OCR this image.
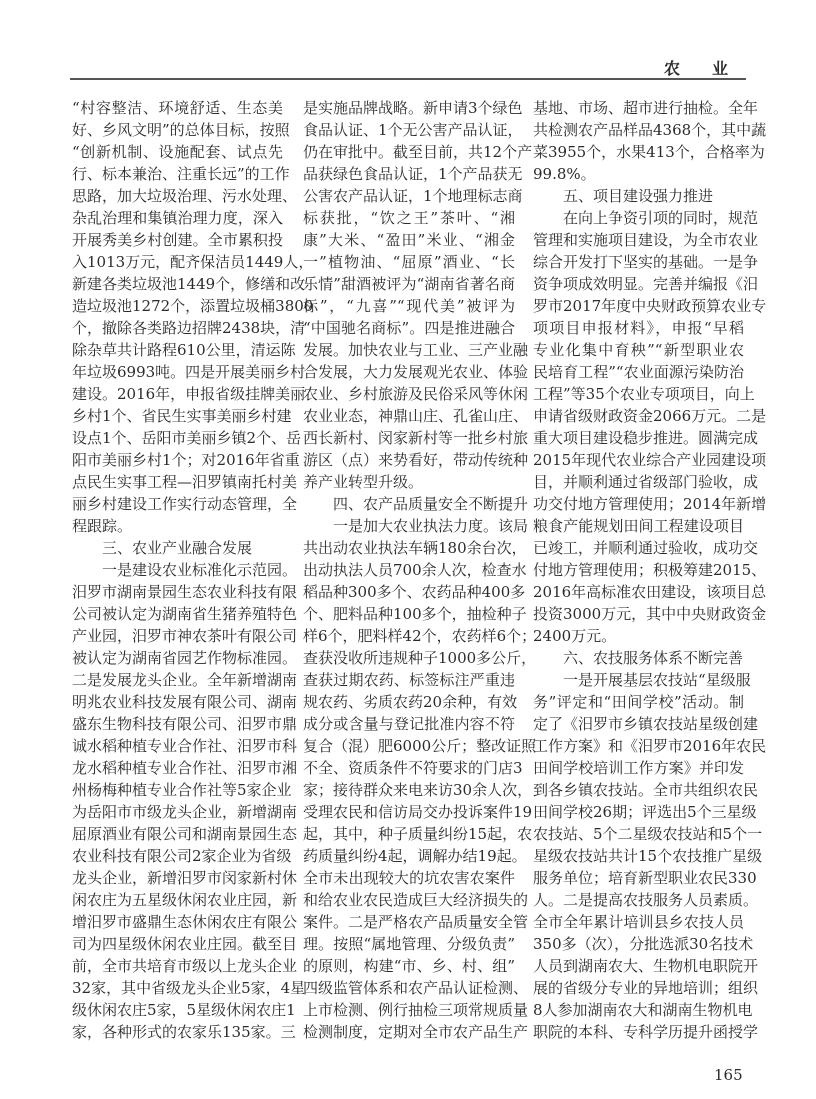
农 业
“村容整洁、环境舒适、生态美
好、乡风文明”的总体目标，按照
“创新机制、设施配套、试点先
行、标本兼治、注重长远”的工作
思路，加大垃圾治理、污水处理、
杂乱治理和集镇治理力度，深入
开展秀美乡村创建。全市累积投
入1013万元，配齐保洁员1449人，
新建各类垃圾池1449个，修缮和改
造垃圾池1272个，添置垃圾桶3800
个，撤除各类路边招牌2438块，清
除杂草共计路程610公里，清运陈
年垃圾6993吨。四是开展美丽乡村
建设。2016年，申报省级挂牌美丽
乡村1个、省民生实事美丽乡村建
设点1个、岳阳市美丽乡镇2个、岳
阳市美丽乡村1个；对2016年省重
点民生实事工程—汨罗镇南托村美
丽乡村建设工作实行动态管理，全
程跟踪。
三、农业产业融合发展
一是建设农业标准化示范园。
汨罗市湖南景园生态农业科技有限
公司被认定为湖南省生猪养殖特色
产业园，汨罗市神农茶叶有限公司
被认定为湖南省园艺作物标准园。
二是发展龙头企业。全年新增湖南
明兆农业科技发展有限公司、湖南
盛东生物科技有限公司、汨罗市鼎
诚水稻种植专业合作社、汨罗市科
龙水稻种植专业合作社、汨罗市湘
州杨梅种植专业合作社等5家企业
为岳阳市市级龙头企业，新增湖南
屈原酒业有限公司和湖南景园生态
农业科技有限公司2家企业为省级
龙头企业，新增汨罗市闵家新村休
闲农庄为五星级休闲农业庄园，新
增汨罗市盛鼎生态休闲农庄有限公
司为四星级休闲农业庄园。截至目
前，全市共培育市级以上龙头企业
32家，其中省级龙头企业5家，4星
级休闲农庄5家，5星级休闲农庄1
家，各种形式的农家乐135家。三
是实施品牌战略。新申请3个绿色
食品认证、1个无公害产品认证，
仍在审批中。截至目前，共12个产
品获绿色食品认证，1个产品获无
公害农产品认证，1个地理标志商
标获批，“饮之王”茶叶、“湘
康”大米、“盈田”米业、“湘金
一”植物油、“屈原”酒业、“长
乐情”甜酒被评为“湖南省著名商
标”，“九喜”“现代美”被评为
“中国驰名商标”。四是推进融合
发展。加快农业与工业、三产业融
合发展，大力发展观光农业、体验
农业、乡村旅游及民俗采风等休闲
农业业态，神鼎山庄、孔雀山庄、
西长新村、闵家新村等一批乡村旅
游区（点）来势看好，带动传统种
养产业转型升级。
四、农产品质量安全不断提升
一是加大农业执法力度。该局
共出动农业执法车辆180余台次，
出动执法人员700余人次，检查水
稻品种300多个、农药品种400多
个、肥料品种100多个，抽检种子
样6个，肥料样42个，农药样6个；
查获没收所违规种子1000多公斤，
查获过期农药、标签标注严重违
规农药、劣质农药20余种，有效
成分或含量与登记批准内容不符
复合（混）肥6000公斤；整改证照
不全、资质条件不符要求的门店3
家；接待群众来电来访30余人次，
受理农民和信访局交办投诉案件19
起，其中，种子质量纠纷15起，农
药质量纠纷4起，调解办结19起。
全市未出现较大的坑农害农案件
和给农业农民造成巨大经济损失的
案件。二是严格农产品质量安全管
理。按照“属地管理、分级负责”
的原则，构建“市、乡、村、组”
四级监管体系和农产品认证检测、
上市检测、例行抽检三项常规质量
检测制度，定期对全市农产品生产
基地、市场、超市进行抽检。全年
共检测农产品样品4368个，其中蔬
菜3955个，水果413个，合格率为
99.8%。
五、项目建设强力推进
在向上争资引项的同时，规范
管理和实施项目建设，为全市农业
综合开发打下坚实的基础。一是争
资争项成效明显。完善并编报《汨
罗市2017年度中央财政预算农业专
项项目申报材料》，申报“早稻
专业化集中育秧”“新型职业农
民培育工程”“农业面源污染防治
工程”等35个农业专项项目，向上
申请省级财政资金2066万元。二是
重大项目建设稳步推进。圆满完成
2015年现代农业综合产业园建设项
目，并顺利通过省级部门验收，成
功交付地方管理使用；2014年新增
粮食产能规划田间工程建设项目
已竣工，并顺利通过验收，成功交
付地方管理使用；积极筹建2015、
2016年高标准农田建设，该项目总
投资3000万元，其中中央财政资金
2400万元。
六、农技服务体系不断完善
一是开展基层农技站“星级服
务”评定和“田间学校”活动。制
定了《汨罗市乡镇农技站星级创建
工作方案》和《汨罗市2016年农民
田间学校培训工作方案》并印发
到各乡镇农技站。全市共组织农民
田间学校26期；评选出5个三星级
农技站、5个二星级农技站和5个一
星级农技站共计15个农技推广星级
服务单位；培育新型职业农民330
人。二是提高农技服务人员素质。
全市全年累计培训县乡农技人员
350多（次），分批选派30名技术
人员到湖南农大、生物机电职院开
展的省级分专业的异地培训；组织
8人参加湖南农大和湖南生物机电
职院的本科、专科学历提升函授学
165
